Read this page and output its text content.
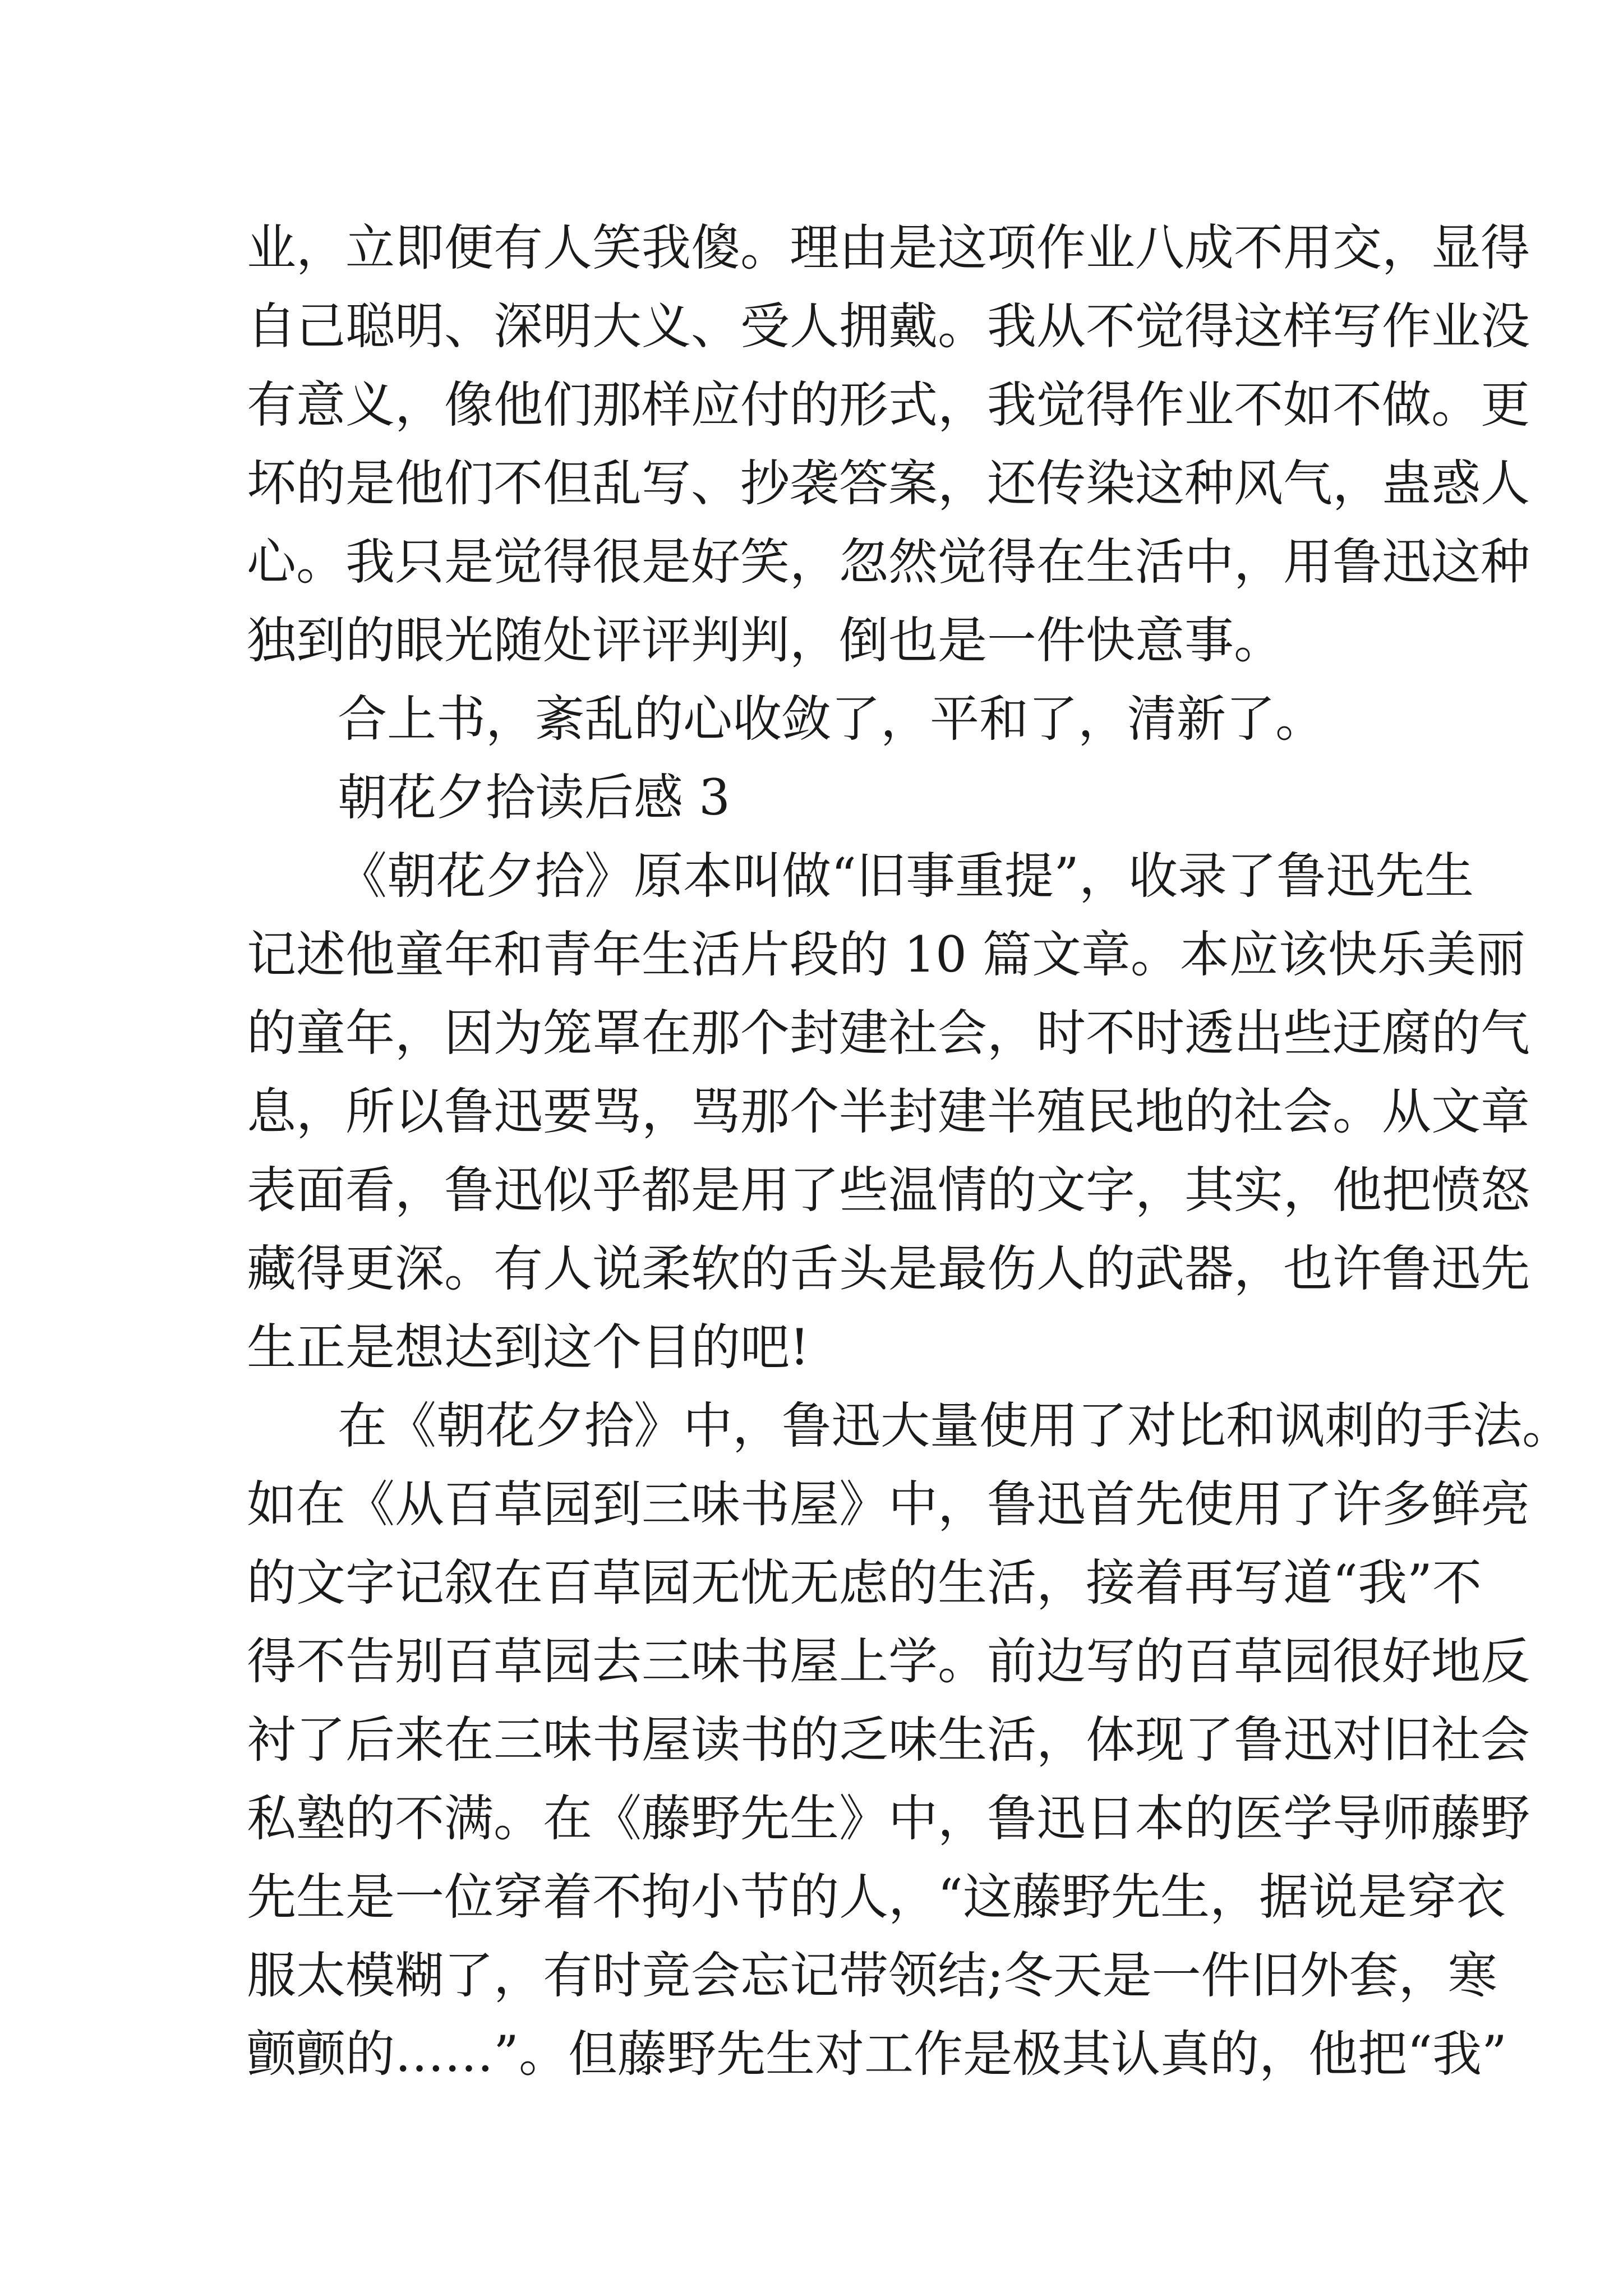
业，立即便有人笑我傻。理由是这项作业八成不用交，显得

自己聪明、深明大义、受人拥戴。我从不觉得这样写作业没

有意义，像他们那样应付的形式，我觉得作业不如不做。更

坏的是他们不但乱写、抄袭答案，还传染这种风气，蛊惑人

心。我只是觉得很是好笑，忽然觉得在生活中，用鲁迅这种

独到的眼光随处评评判判，倒也是一件快意事。

合上书，紊乱的心收敛了，平和了，清新了。

朝花夕拾读后感 3

《朝花夕拾》原本叫做“旧事重提”，收录了鲁迅先生

记述他童年和青年生活片段的 10 篇文章。本应该快乐美丽

的童年，因为笼罩在那个封建社会，时不时透出些迂腐的气

息，所以鲁迅要骂，骂那个半封建半殖民地的社会。从文章

表面看，鲁迅似乎都是用了些温情的文字，其实，他把愤怒

藏得更深。有人说柔软的舌头是最伤人的武器，也许鲁迅先

生正是想达到这个目的吧!

在《朝花夕拾》中，鲁迅大量使用了对比和讽刺的手法。

如在《从百草园到三味书屋》中，鲁迅首先使用了许多鲜亮

的文字记叙在百草园无忧无虑的生活，接着再写道“我”不

得不告别百草园去三味书屋上学。前边写的百草园很好地反

衬了后来在三味书屋读书的乏味生活，体现了鲁迅对旧社会

私塾的不满。在《藤野先生》中，鲁迅日本的医学导师藤野

先生是一位穿着不拘小节的人，“这藤野先生，据说是穿衣

服太模糊了，有时竟会忘记带领结;冬天是一件旧外套，寒

颤颤的……”。但藤野先生对工作是极其认真的，他把“我”
